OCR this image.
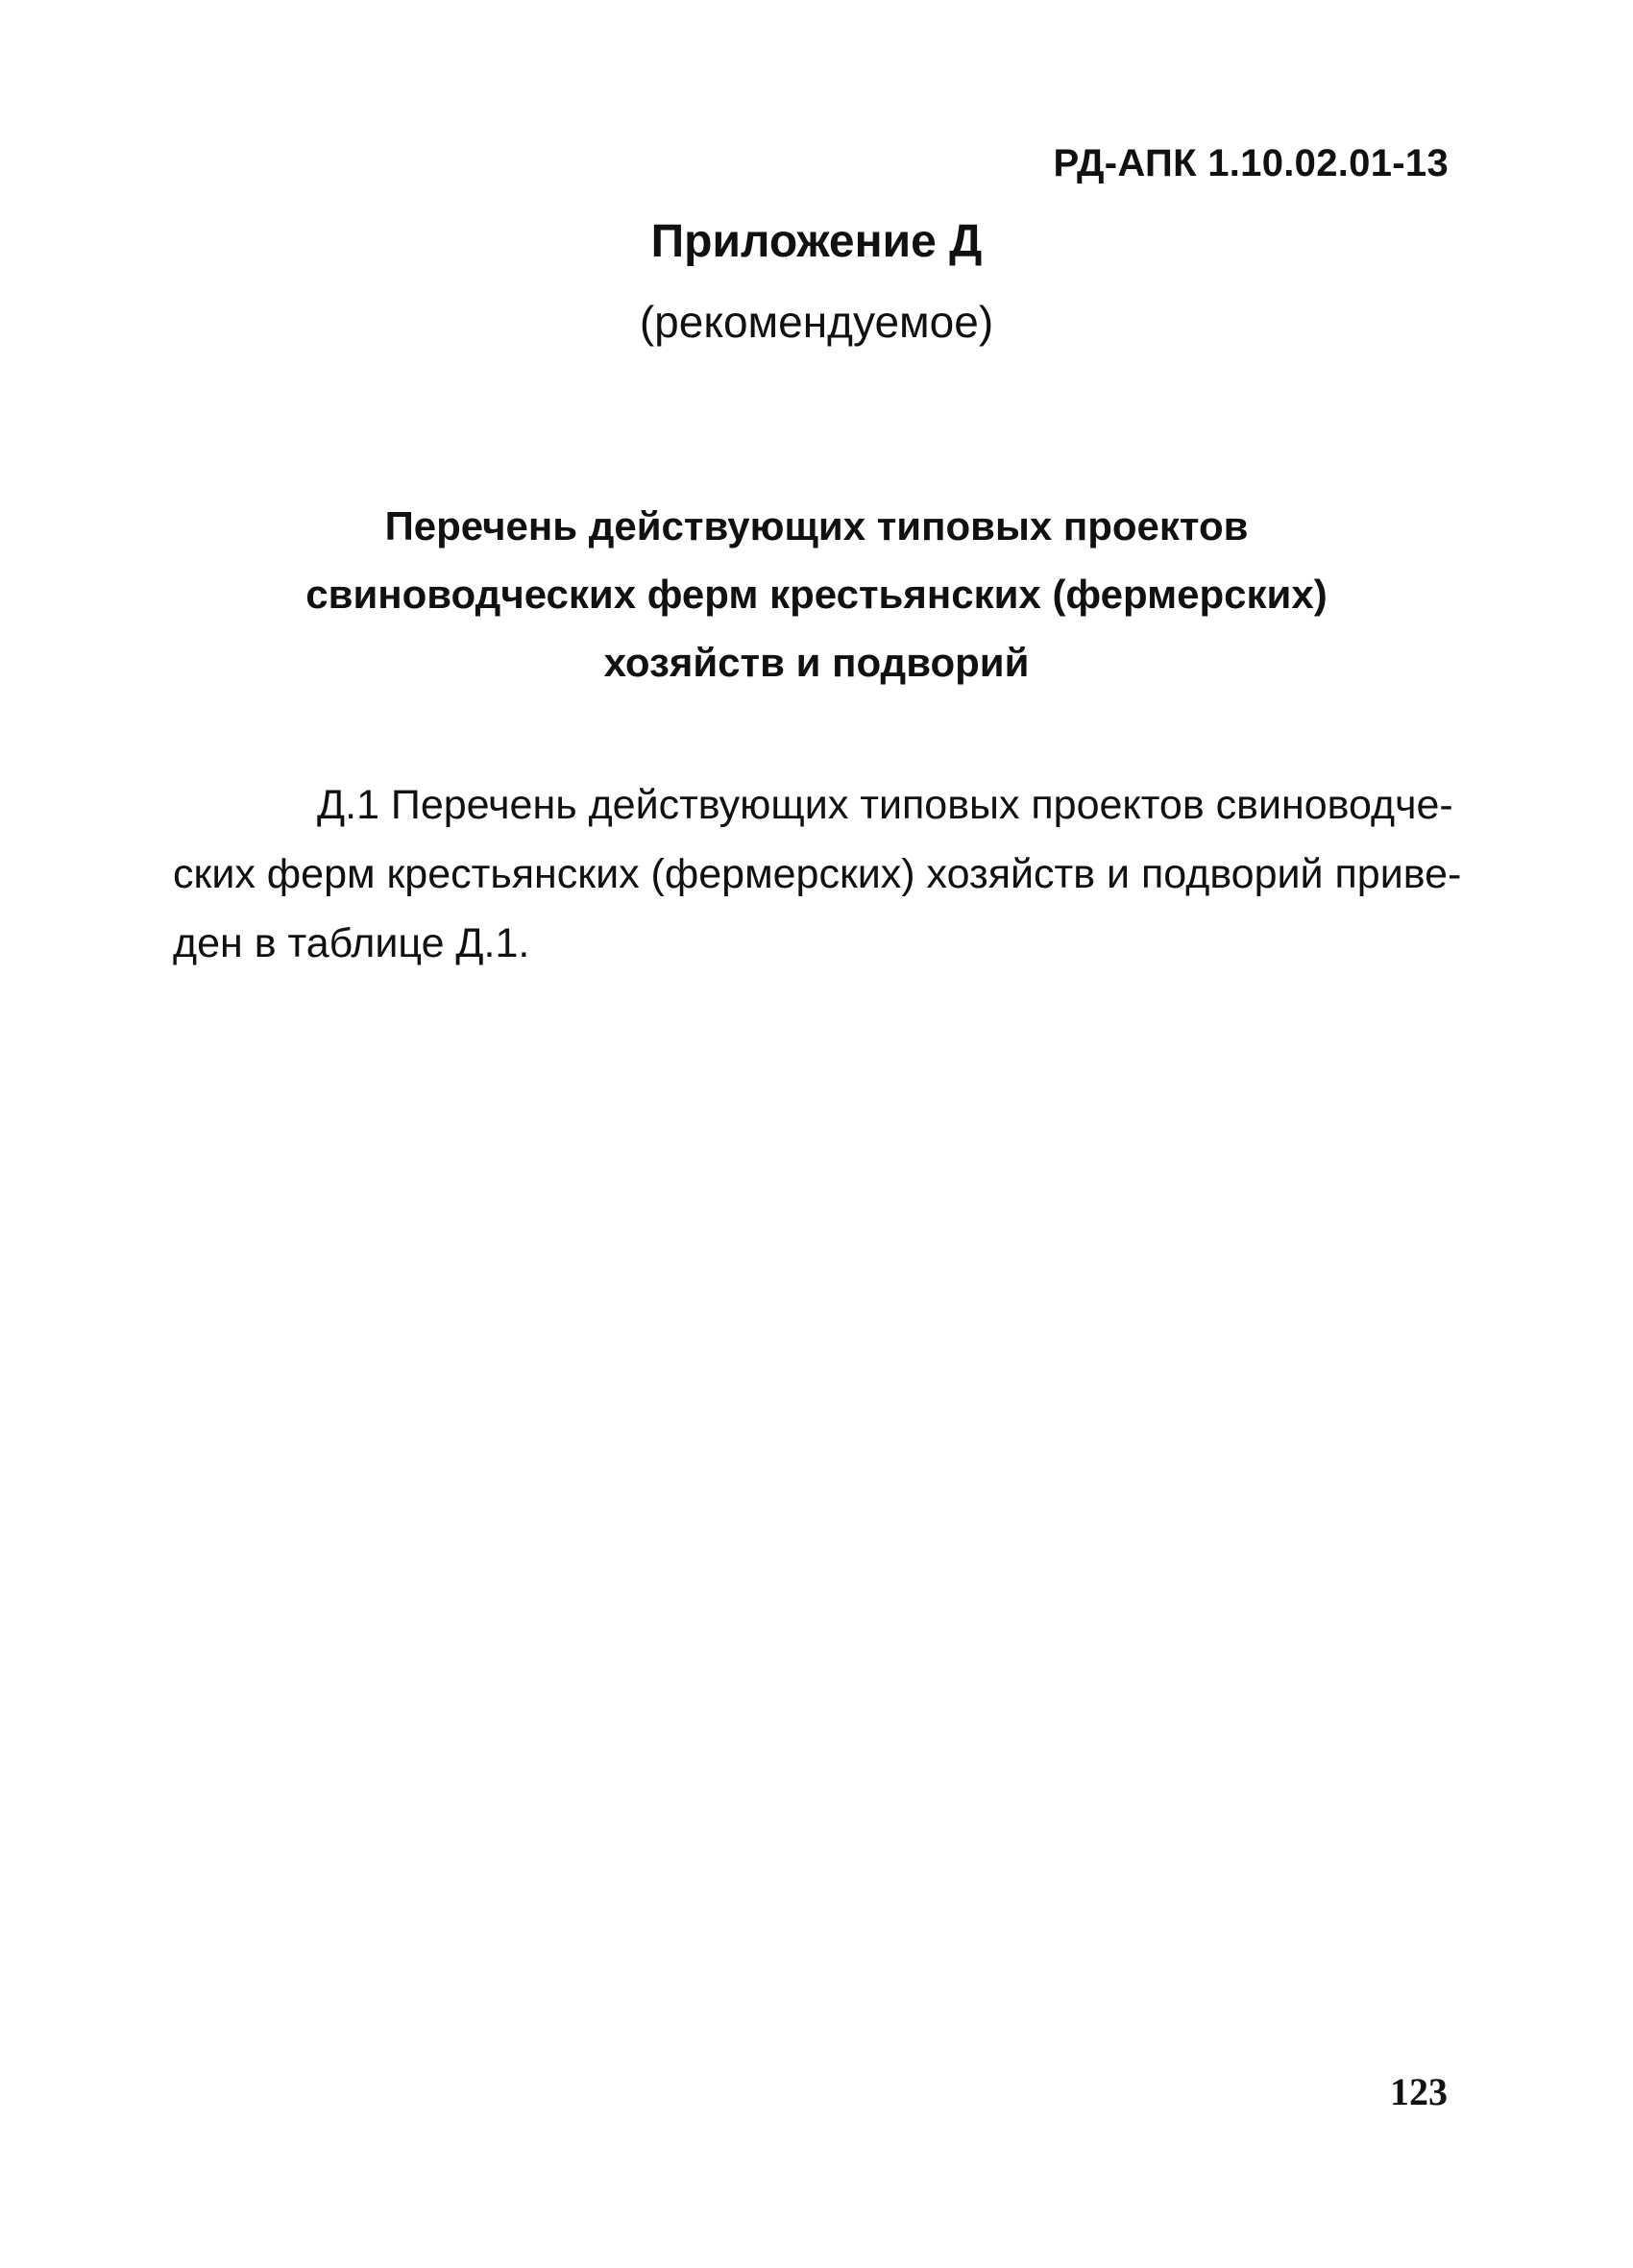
РД-АПК 1.10.02.01-13
Приложение Д
(рекомендуемое)
Перечень действующих типовых проектов
свиноводческих ферм крестьянских (фермерских)
хозяйств и подворий
Д.1 Перечень действующих типовых проектов свиноводче-
ских ферм крестьянских (фермерских) хозяйств и подворий приве-
ден в таблице Д.1.
123
